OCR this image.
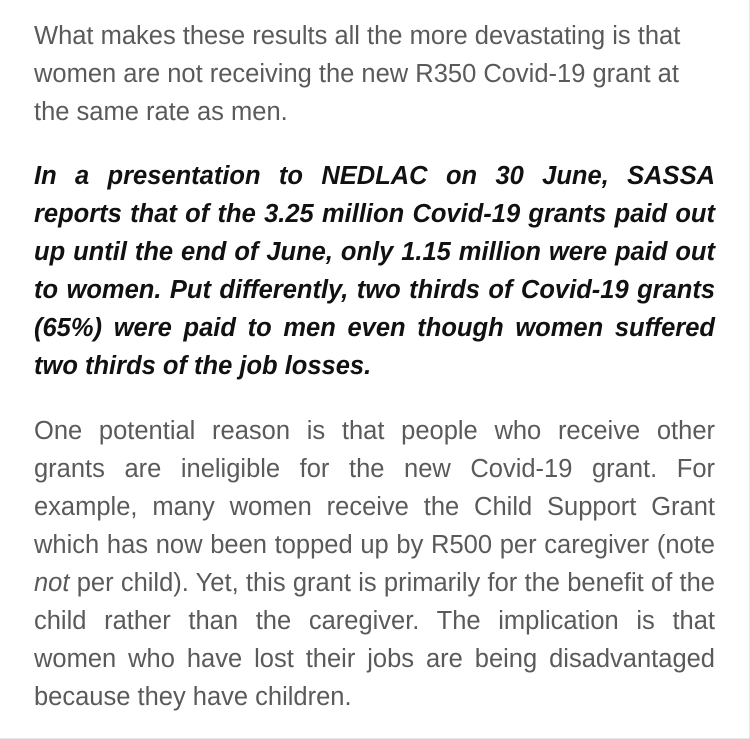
What makes these results all the more devastating is that women are not receiving the new R350 Covid-19 grant at the same rate as men.

In a presentation to NEDLAC on 30 June, SASSA reports that of the 3.25 million Covid-19 grants paid out up until the end of June, only 1.15 million were paid out to women. Put differently, two thirds of Covid-19 grants (65%) were paid to men even though women suffered two thirds of the job losses.

One potential reason is that people who receive other grants are ineligible for the new Covid-19 grant. For example, many women receive the Child Support Grant which has now been topped up by R500 per caregiver (note not per child). Yet, this grant is primarily for the benefit of the child rather than the caregiver. The implication is that women who have lost their jobs are being disadvantaged because they have children.
